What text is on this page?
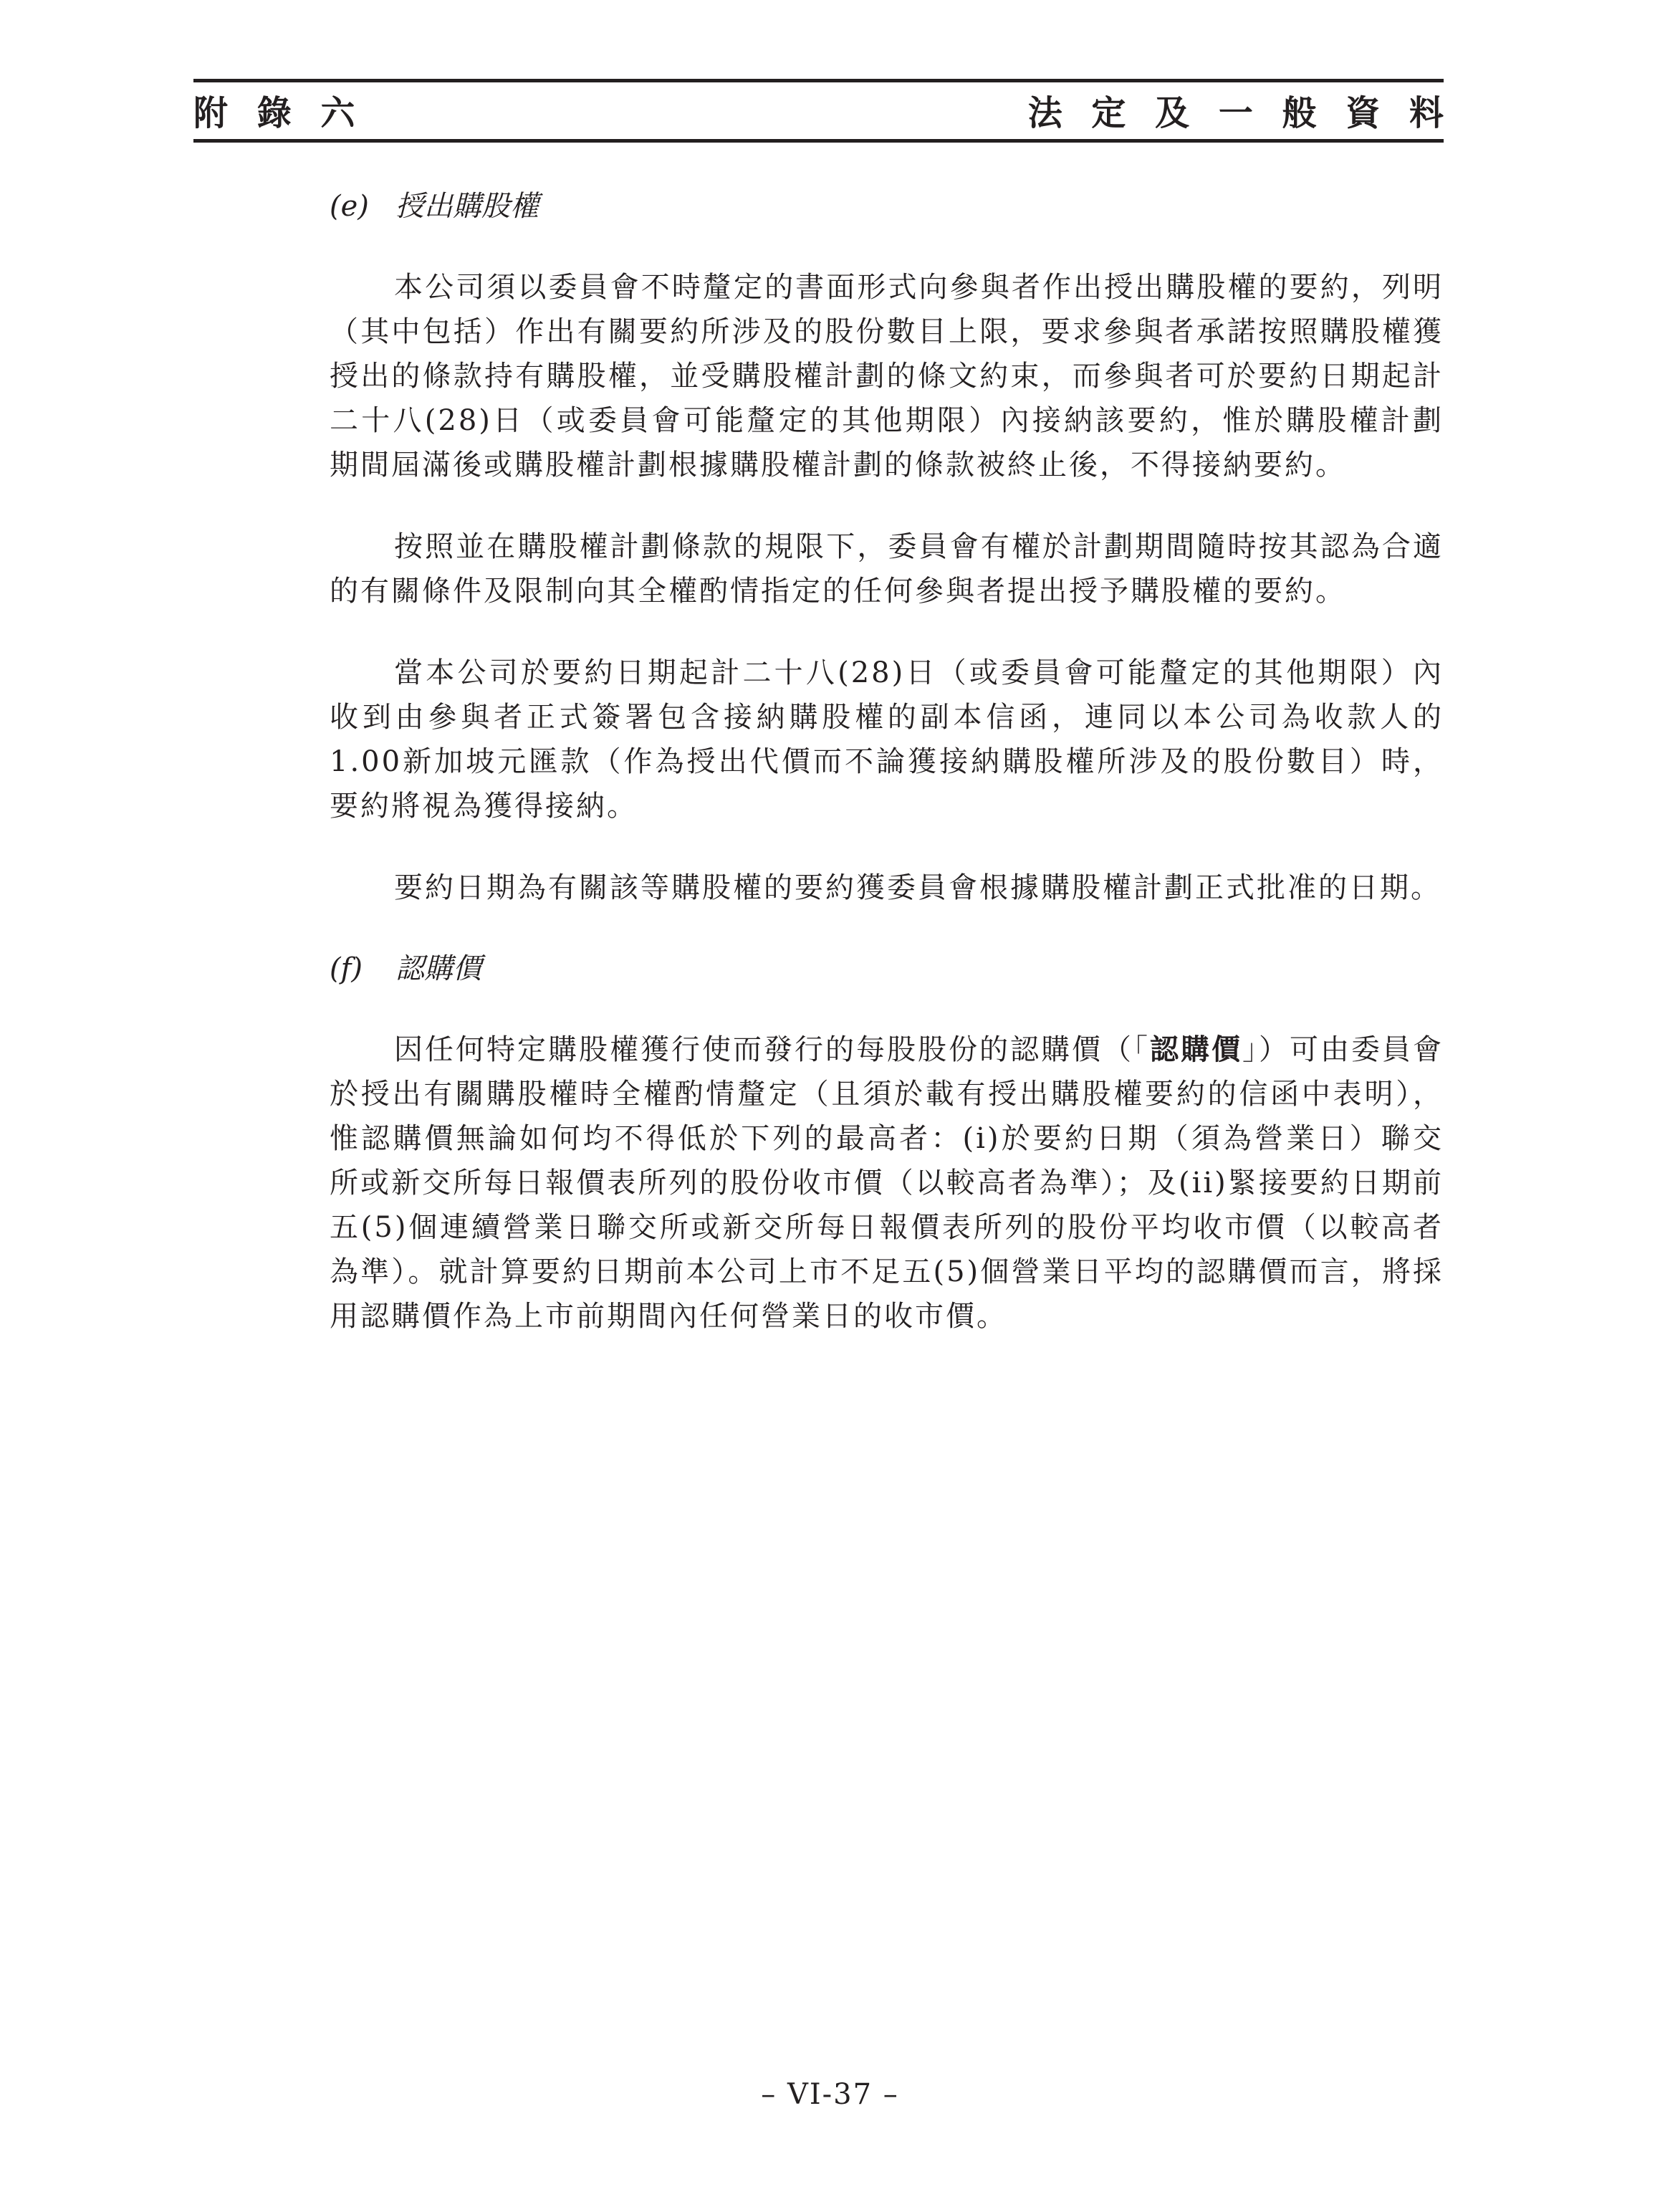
附 錄 六	法 定 及 一 般 資 料
(e) 授出購股權

本公司須以委員會不時釐定的書面形式向參與者作出授出購股權的要約，列明（其中包括）作出有關要約所涉及的股份數目上限，要求參與者承諾按照購股權獲授出的條款持有購股權，並受購股權計劃的條文約束，而參與者可於要約日期起計二十八(28)日（或委員會可能釐定的其他期限）內接納該要約，惟於購股權計劃期間屆滿後或購股權計劃根據購股權計劃的條款被終止後，不得接納要約。

按照並在購股權計劃條款的規限下，委員會有權於計劃期間隨時按其認為合適的有關條件及限制向其全權酌情指定的任何參與者提出授予購股權的要約。

當本公司於要約日期起計二十八(28)日（或委員會可能釐定的其他期限）內收到由參與者正式簽署包含接納購股權的副本信函，連同以本公司為收款人的1.00新加坡元匯款（作為授出代價而不論獲接納購股權所涉及的股份數目）時，要約將視為獲得接納。

要約日期為有關該等購股權的要約獲委員會根據購股權計劃正式批准的日期。

(f) 認購價

因任何特定購股權獲行使而發行的每股股份的認購價（「認購價」）可由委員會於授出有關購股權時全權酌情釐定（且須於載有授出購股權要約的信函中表明），惟認購價無論如何均不得低於下列的最高者：(i)於要約日期（須為營業日）聯交所或新交所每日報價表所列的股份收市價（以較高者為準）；及(ii)緊接要約日期前五(5)個連續營業日聯交所或新交所每日報價表所列的股份平均收市價（以較高者為準）。就計算要約日期前本公司上市不足五(5)個營業日平均的認購價而言，將採用認購價作為上市前期間內任何營業日的收市價。

– VI-37 –
